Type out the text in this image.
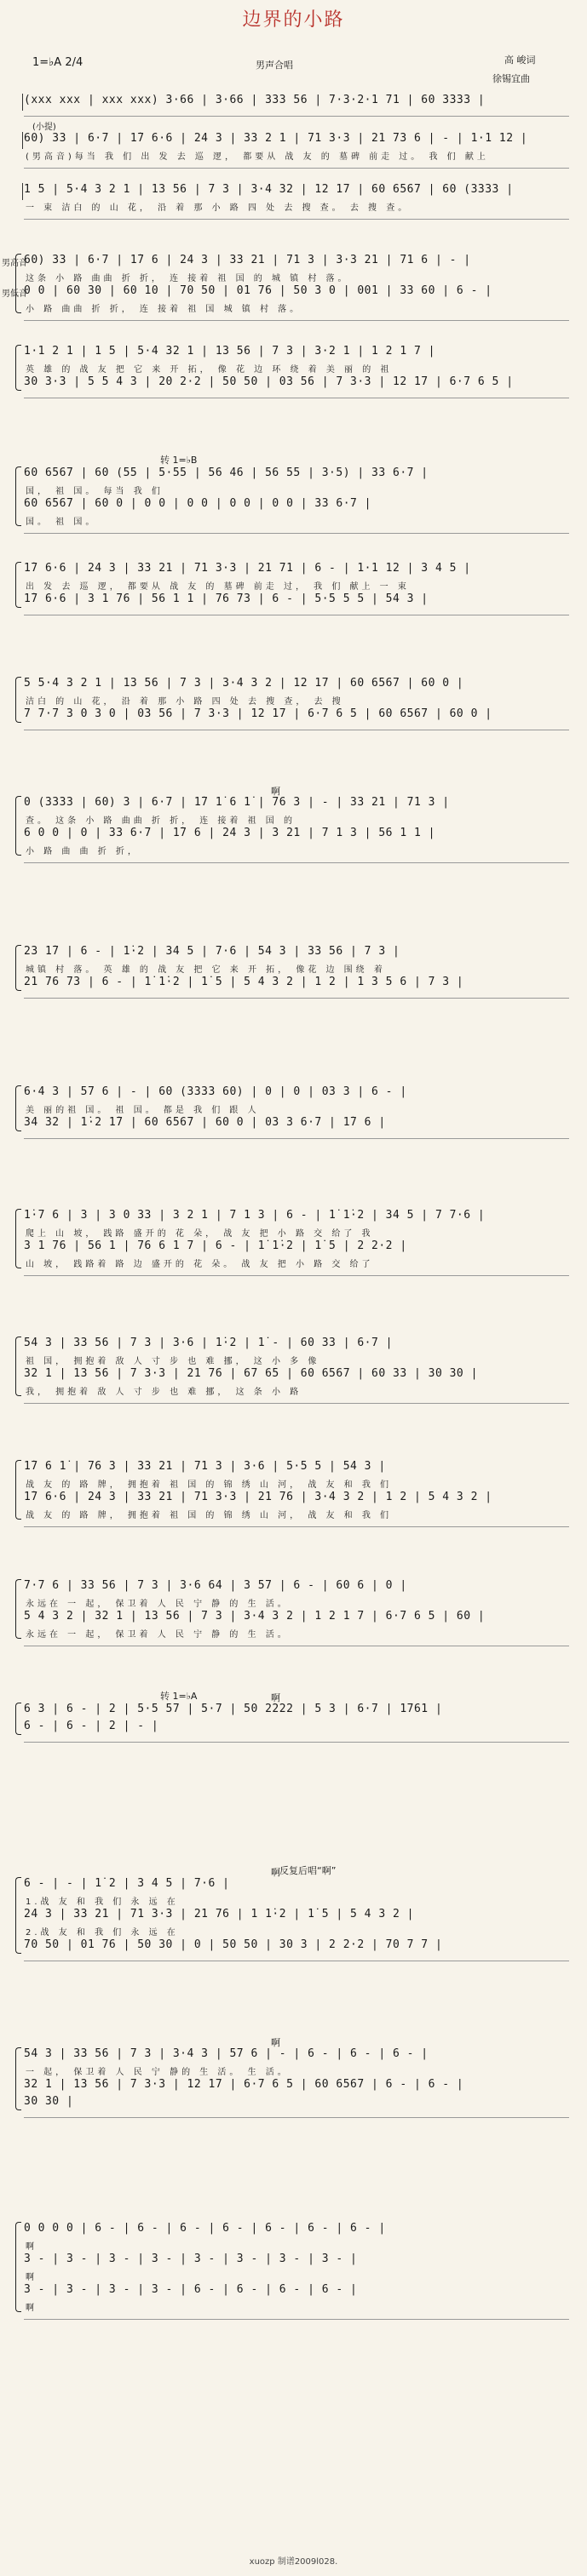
边界的小路
1=♭A 2/4	男声合唱	高 峻词
徐锡宜曲
(小提)
(xxx xxx | xxx xxx) 3·66 | 3·66 | 333 56 | 7·3·2·1 71 | 60 3333 |
60) 33 | 6·7 | 1̇7 6·6 | 24 3 | 33 2 1 | 71 3·3 | 21 73 6 | - | 1·1 12 |
(男高音)每当 我 们 出 发 去 巡 逻， 都要从 战 友 的 墓碑 前走 过。 我 们 献上
1 5 | 5·4 3 2 1 | 13 56 | 7 3 | 3·4 32 | 12 17 | 60 6567 | 60 (3333 |
一 束 洁白 的 山 花， 沿 着 那 小 路 四 处 去 搜 查。 去 搜 查。
60) 33 | 6·7 | 1̇7 6 | 24 3 | 33 21 | 71 3 | 3·3 21 | 71 6 | - |
这条 小 路 曲曲 折 折， 连 接着 祖 国 的 城 镇 村 落。
0 0 | 60 30 | 60 10 | 70 50 | 01 76 | 50 3 0 | 001 | 33 60 | 6 - |
小 路 曲曲 折 折， 连 接着 祖 国 城 镇 村 落。
男高音
男低音
1·1 2 1 | 1 5 | 5·4 32 1 | 13 56 | 7 3 | 3·2 1 | 1 2 1 7 |
英 雄 的 战 友 把 它 来 开 拓， 像 花 边 环 绕 着 美 丽 的 祖
30 3·3 | 5 5 4 3 | 20 2·2 | 50 50 | 03 56 | 7 3·3 | 12 17 | 6·7 6 5 |
转 1=♭B
60 6567 | 60 (55 | 5·55 | 56 46 | 56 55 | 3·5) | 33 6·7 |
国， 祖 国。 每当 我 们
60 6567 | 60 0 | 0 0 | 0 0 | 0 0 | 0 0 | 33 6·7 |
国。 祖 国。
1̇7 6·6 | 24 3 | 33 21 | 71 3·3 | 21 71 | 6 - | 1·1 12 | 3 4 5 |
出 发 去 巡 逻， 都要从 战 友 的 墓碑 前走 过， 我 们 献上 一 束
1̇7 6·6 | 3 1 76 | 56 1 1 | 76 73 | 6 - | 5·5 5 5 | 54 3 |
5 5·4 3 2 1 | 13 56 | 7 3 | 3·4 3 2 | 12 17 | 60 6567 | 60 0 |
洁白 的 山 花， 沿 着 那 小 路 四 处 去 搜 查， 去 搜
7 7·7 3 0 3 0 | 03 56 | 7 3·3 | 12 17 | 6·7 6 5 | 60 6567 | 60 0 |
0 (3333 | 60) 3 | 6·7 | 1̇7 1̇ 6 1̇ | 76 3 | - | 33 21 | 71 3 |
查。 这条 小 路 曲曲 折 折， 连 接着 祖 国 的
6 0 0 | 0 | 33 6·7 | 1̇7 6 | 24 3 | 3 21 | 7 1 3 | 56 1 1 |
小 路 曲 曲 折 折，
啊
23 1̇7 | 6 - | 1̇·2 | 34 5 | 7·6 | 54 3 | 33 56 | 7 3 |
城镇 村 落。 英 雄 的 战 友 把 它 来 开 拓， 像花 边 围绕 着
21 76 73 | 6 - | 1̇ 1̇·2 | 1̇ 5 | 5 4 3 2 | 1 2 | 1 3 5 6 | 7 3 |
6·4 3 | 57 6 | - | 60 (3333 60) | 0 | 0 | 03 3 | 6 - |
美 丽的祖 国。 祖 国。 都是 我 们 跟 人
34 32 | 1̇·2 1̇7 | 60 6567 | 60 0 | 03 3 6·7 | 1̇7 6 |
1̇·7 6 | 3 | 3 0 33 | 3 2 1 | 7 1 3 | 6 - | 1̇ 1̇·2 | 34 5 | 7 7·6 |
爬上 山 坡， 践路 盛开的 花 朵， 战 友 把 小 路 交 给了 我
3 1 76 | 56 1 | 76 6 1 7 | 6 - | 1̇ 1̇·2 | 1̇ 5 | 2 2·2 |
山 坡， 践路着 路 边 盛开的 花 朵。 战 友 把 小 路 交 给了
54 3 | 33 56 | 7 3 | 3·6 | 1̇·2 | 1̇ - | 60 33 | 6·7 |
祖 国， 拥抱着 敌 人 寸 步 也 难 挪， 这 小 多 像
32 1 | 13 56 | 7 3·3 | 21 76 | 67 65 | 60 6567 | 60 33 | 30 30 |
我， 拥抱着 敌 人 寸 步 也 难 挪， 这 条 小 路
1̇7 6 1̇ | 76 3 | 33 21 | 71 3 | 3·6 | 5·5 5 | 54 3 |
战 友 的 路 牌， 拥抱着 祖 国 的 锦 绣 山 河， 战 友 和 我 们
1̇7 6·6 | 24 3 | 33 21 | 71 3·3 | 21 76 | 3·4 3 2 | 1 2 | 5 4 3 2 |
战 友 的 路 牌， 拥抱着 祖 国 的 锦 绣 山 河， 战 友 和 我 们
7·7 6 | 33 56 | 7 3 | 3·6 64 | 3 57 | 6 - | 60 6 | 0 |
永远在 一 起， 保卫着 人 民 宁 静 的 生 活。
5 4 3 2 | 32 1 | 13 56 | 7 3 | 3·4 3 2 | 1 2 1 7 | 6·7 6 5 | 60 |
永远在 一 起， 保卫着 人 民 宁 静 的 生 活。
转 1=♭A
6 3 | 6 - | 2 | 5·5 57 | 5·7 | 50 2222 | 5 3 | 6·7 | 1761 |
6 - | 6 - | 2 | - |
啊
反复后唱“啊”
6 - | - | 1̇ 2 | 3 4 5 | 7·6 |
1.战 友 和 我 们 永 远 在
24 3 | 33 21 | 71 3·3 | 21 76 | 1 1̇·2 | 1̇ 5 | 5 4 3 2 |
2.战 友 和 我 们 永 远 在
70 50 | 01 76 | 50 30 | 0 | 50 50 | 30 3 | 2 2·2 | 70 7 7 |
啊
54 3 | 33 56 | 7 3 | 3·4 3 | 57 6 | - | 6 - | 6 - | 6 - |
一 起， 保卫着 人 民 宁 静的 生 活。 生 活。
32 1 | 13 56 | 7 3·3 | 12 17 | 6·7 6 5 | 60 6567 | 6 - | 6 - |
30 30 |
啊
0 0 0 0 | 6 - | 6 - | 6 - | 6 - | 6 - | 6 - | 6 - |
啊
3 - | 3 - | 3 - | 3 - | 3 - | 3 - | 3 - | 3 - |
啊
3 - | 3 - | 3 - | 3 - | 6 - | 6 - | 6 - | 6 - |
啊
xuozp 制谱2009l028.
